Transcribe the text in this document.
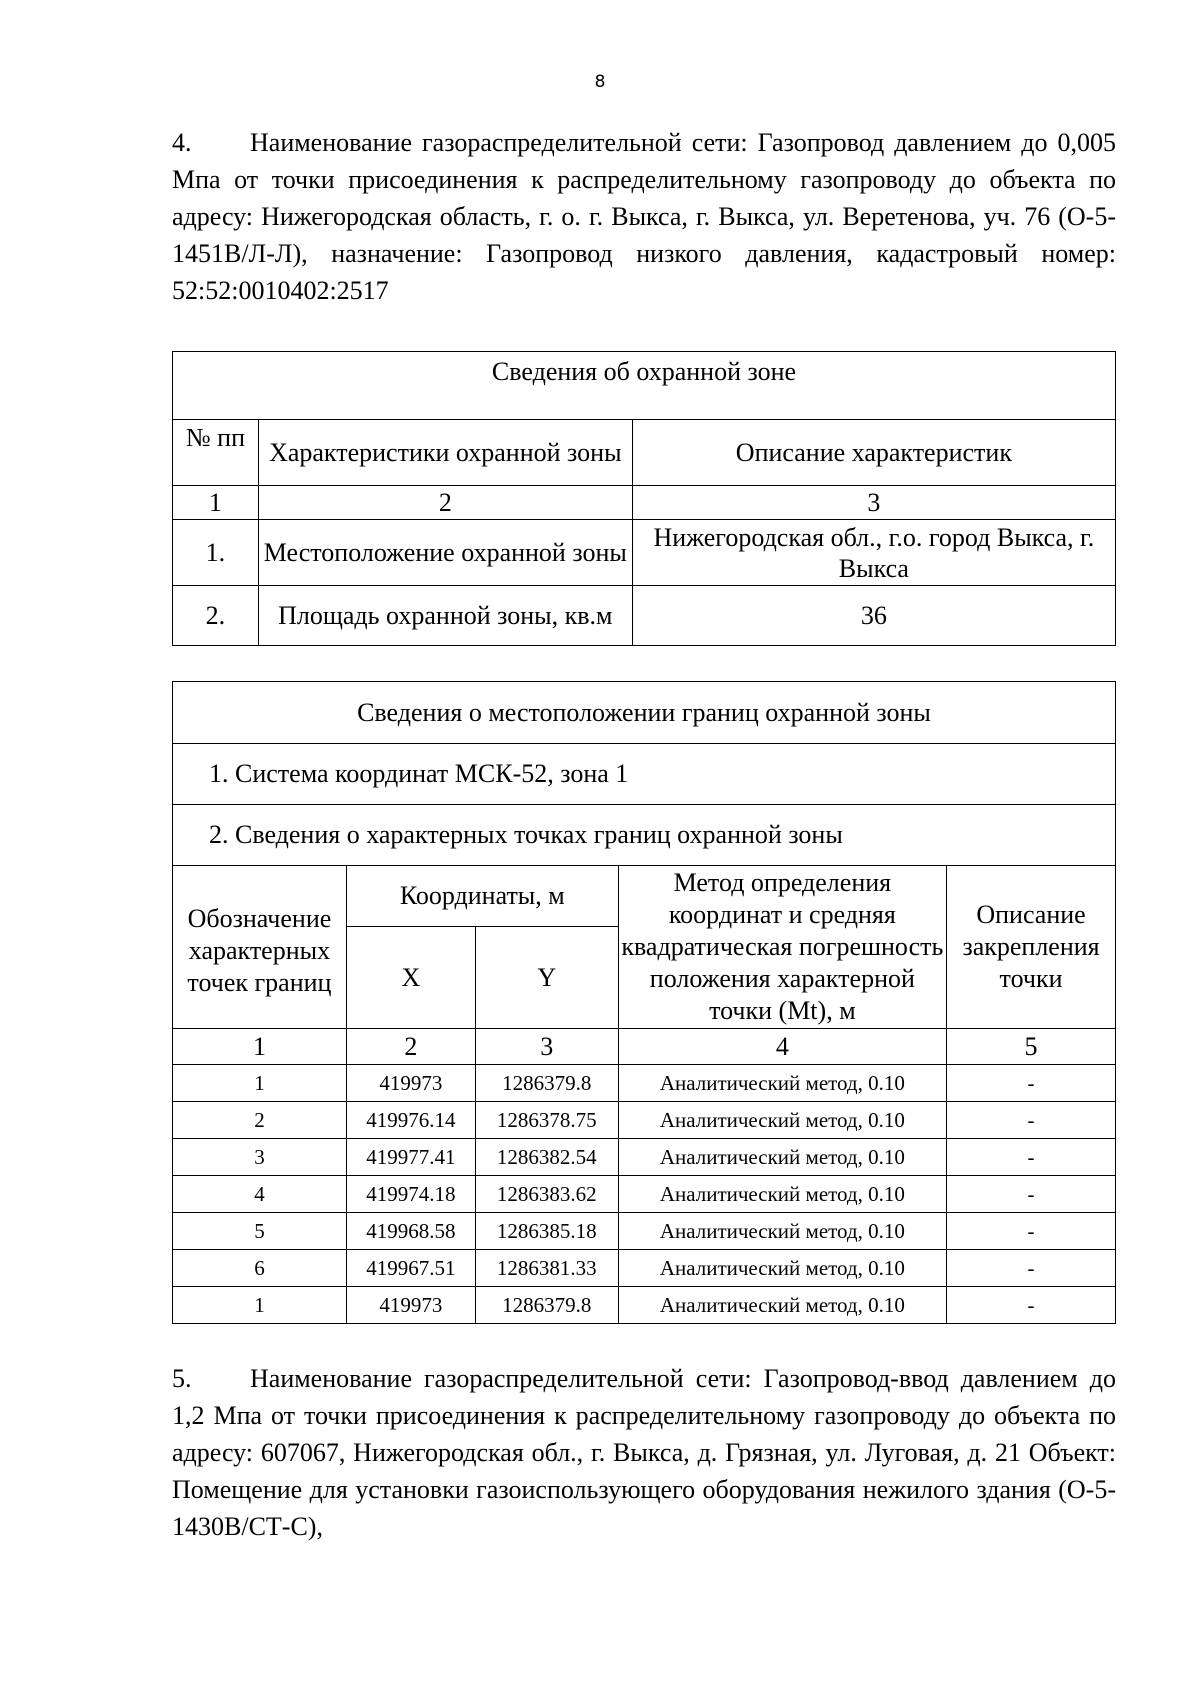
8
4. Наименование газораспределительной сети: Газопровод давлением до 0,005 Мпа от точки присоединения к распределительному газопроводу до объекта по адресу: Нижегородская область, г. о. г. Выкса, г. Выкса, ул. Веретенова, уч. 76 (О-5-1451В/Л-Л), назначение: Газопровод низкого давления, кадастровый номер: 52:52:0010402:2517
Сведения об охранной зоне		
№ пп	Характеристики охранной зоны	Описание характеристик
1	2	3
1.	Местоположение охранной зоны	Нижегородская обл., г.о. город Выкса, г. Выкса
2.	Площадь охранной зоны, кв.м	36
Сведения о местоположении границ охранной зоны				
1. Система координат МСК-52, зона 1				
2. Сведения о характерных точках границ охранной зоны				
Обозначение характерных точек границ	Координаты, м		Метод определения координат и средняя квадратическая погрешность положения характерной точки (Mt), м	Описание закрепления точки
	X	Y		
1	2	3	4	5
1	419973	1286379.8	Аналитический метод, 0.10	-
2	419976.14	1286378.75	Аналитический метод, 0.10	-
3	419977.41	1286382.54	Аналитический метод, 0.10	-
4	419974.18	1286383.62	Аналитический метод, 0.10	-
5	419968.58	1286385.18	Аналитический метод, 0.10	-
6	419967.51	1286381.33	Аналитический метод, 0.10	-
1	419973	1286379.8	Аналитический метод, 0.10	-
5. Наименование газораспределительной сети: Газопровод-ввод давлением до 1,2 Мпа от точки присоединения к распределительному газопроводу до объекта по адресу: 607067, Нижегородская обл., г. Выкса, д. Грязная, ул. Луговая, д. 21 Объект: Помещение для установки газоиспользующего оборудования нежилого здания (О-5-1430В/СТ-С),
